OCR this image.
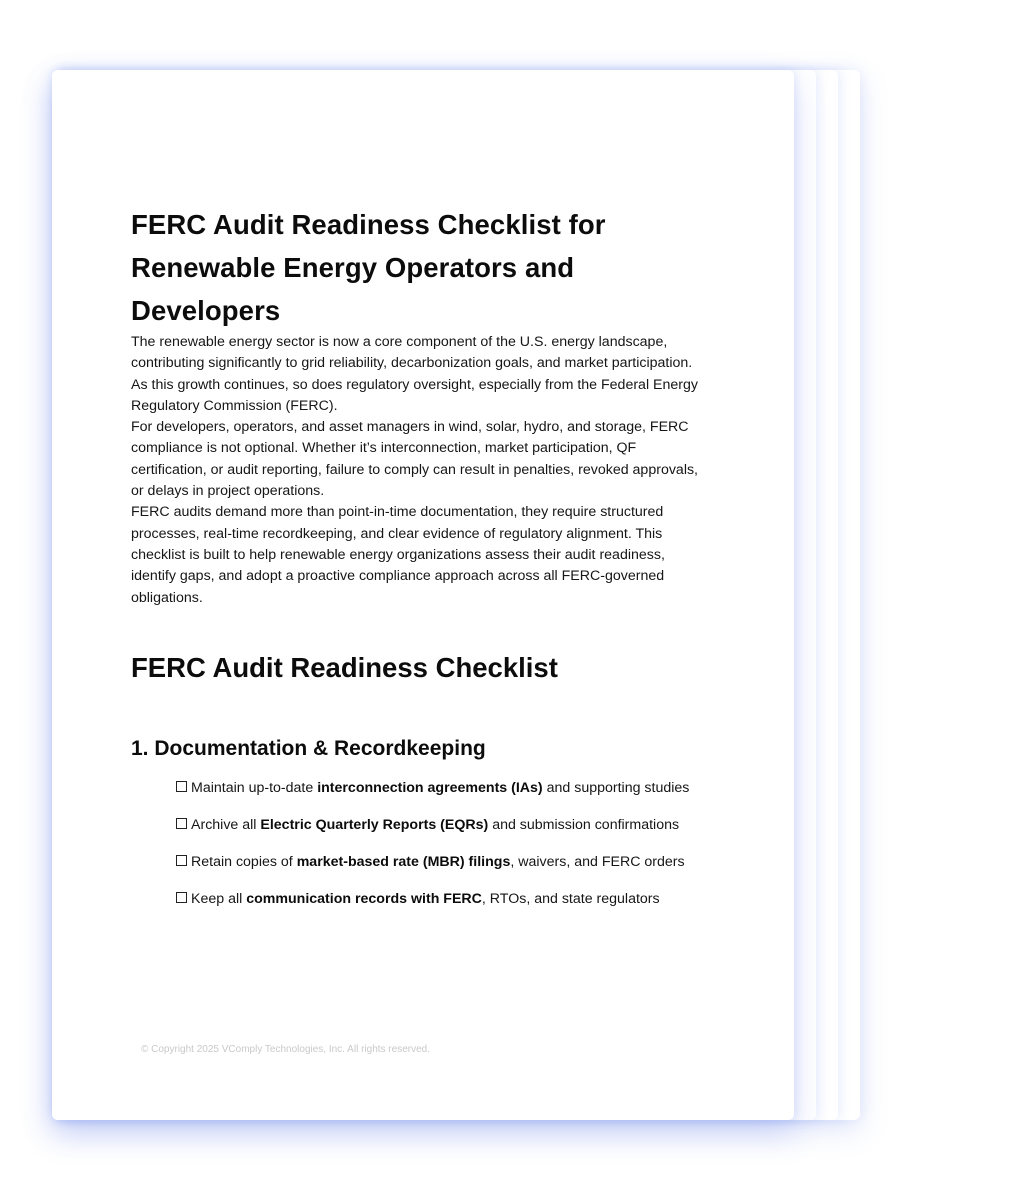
FERC Audit Readiness Checklist for Renewable Energy Operators and Developers

The renewable energy sector is now a core component of the U.S. energy landscape, contributing significantly to grid reliability, decarbonization goals, and market participation. As this growth continues, so does regulatory oversight, especially from the Federal Energy Regulatory Commission (FERC).

For developers, operators, and asset managers in wind, solar, hydro, and storage, FERC compliance is not optional. Whether it’s interconnection, market participation, QF certification, or audit reporting, failure to comply can result in penalties, revoked approvals, or delays in project operations.

FERC audits demand more than point-in-time documentation, they require structured processes, real-time recordkeeping, and clear evidence of regulatory alignment. This checklist is built to help renewable energy organizations assess their audit readiness, identify gaps, and adopt a proactive compliance approach across all FERC-governed obligations.

FERC Audit Readiness Checklist
1. Documentation & Recordkeeping
Maintain up-to-date interconnection agreements (IAs) and supporting studies
Archive all Electric Quarterly Reports (EQRs) and submission confirmations
Retain copies of market-based rate (MBR) filings, waivers, and FERC orders
Keep all communication records with FERC, RTOs, and state regulators
© Copyright 2025 VComply Technologies, Inc. All rights reserved.
